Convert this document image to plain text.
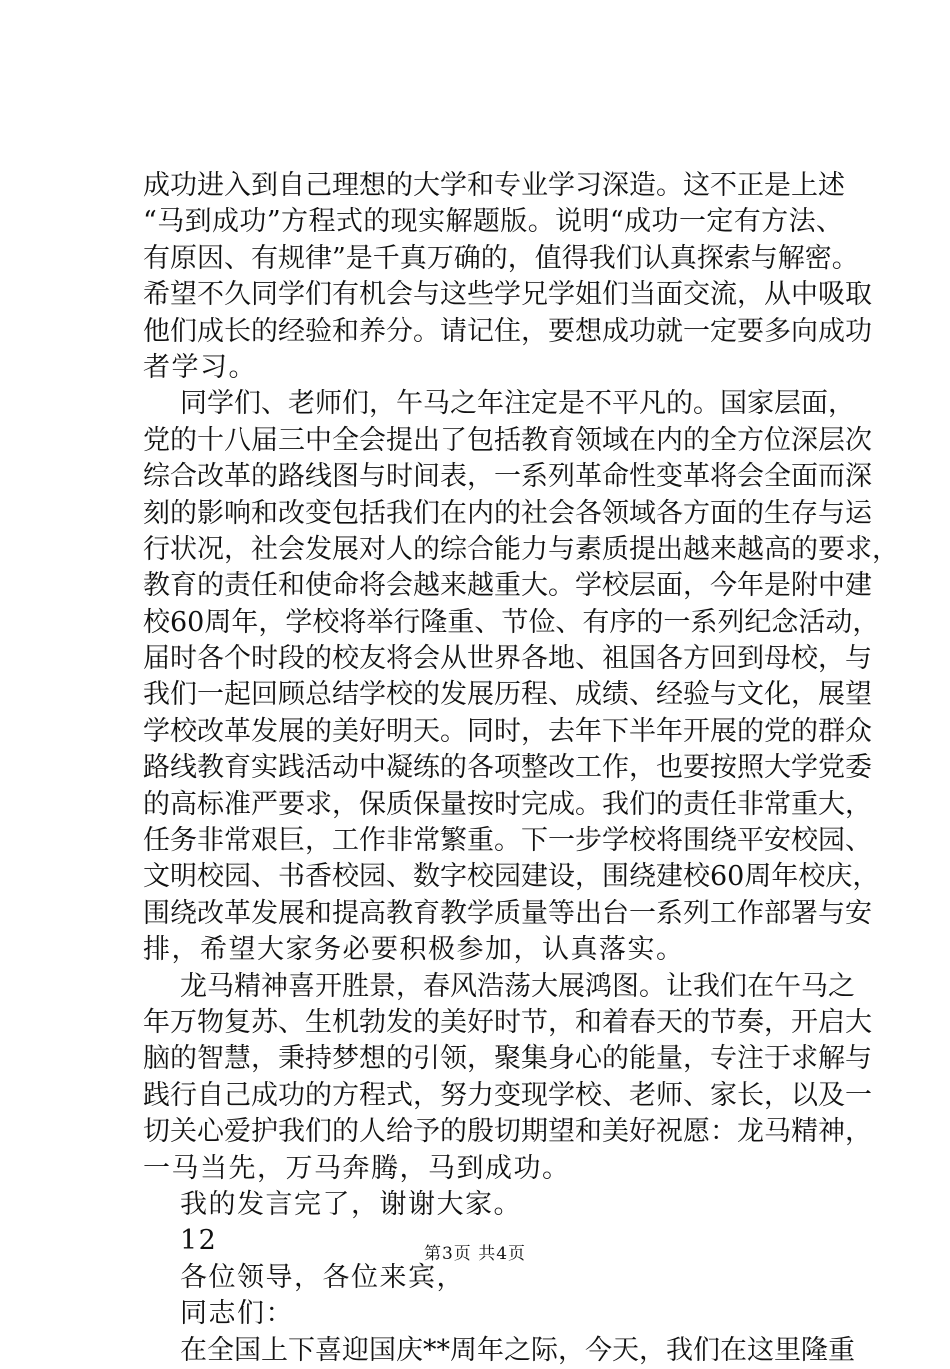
成功进入到自己理想的大学和专业学习深造。这不正是上述
“马到成功”方程式的现实解题版。说明“成功一定有方法、
有原因、有规律”是千真万确的，值得我们认真探索与解密。
希望不久同学们有机会与这些学兄学姐们当面交流，从中吸取
他们成长的经验和养分。请记住，要想成功就一定要多向成功
者学习。
同学们、老师们，午马之年注定是不平凡的。国家层面，
党的十八届三中全会提出了包括教育领域在内的全方位深层次
综合改革的路线图与时间表，一系列革命性变革将会全面而深
刻的影响和改变包括我们在内的社会各领域各方面的生存与运
行状况，社会发展对人的综合能力与素质提出越来越高的要求，
教育的责任和使命将会越来越重大。学校层面，今年是附中建
校60周年，学校将举行隆重、节俭、有序的一系列纪念活动，
届时各个时段的校友将会从世界各地、祖国各方回到母校，与
我们一起回顾总结学校的发展历程、成绩、经验与文化，展望
学校改革发展的美好明天。同时，去年下半年开展的党的群众
路线教育实践活动中凝练的各项整改工作，也要按照大学党委
的高标准严要求，保质保量按时完成。我们的责任非常重大，
任务非常艰巨，工作非常繁重。下一步学校将围绕平安校园、
文明校园、书香校园、数字校园建设，围绕建校60周年校庆，
围绕改革发展和提高教育教学质量等出台一系列工作部署与安
排，希望大家务必要积极参加，认真落实。
龙马精神喜开胜景，春风浩荡大展鸿图。让我们在午马之
年万物复苏、生机勃发的美好时节，和着春天的节奏，开启大
脑的智慧，秉持梦想的引领，聚集身心的能量，专注于求解与
践行自己成功的方程式，努力变现学校、老师、家长，以及一
切关心爱护我们的人给予的殷切期望和美好祝愿：龙马精神，
一马当先，万马奔腾，马到成功。
我的发言完了，谢谢大家。
12
各位领导，各位来宾，
同志们：
在全国上下喜迎国庆**周年之际，今天，我们在这里隆重
第3页 共4页
